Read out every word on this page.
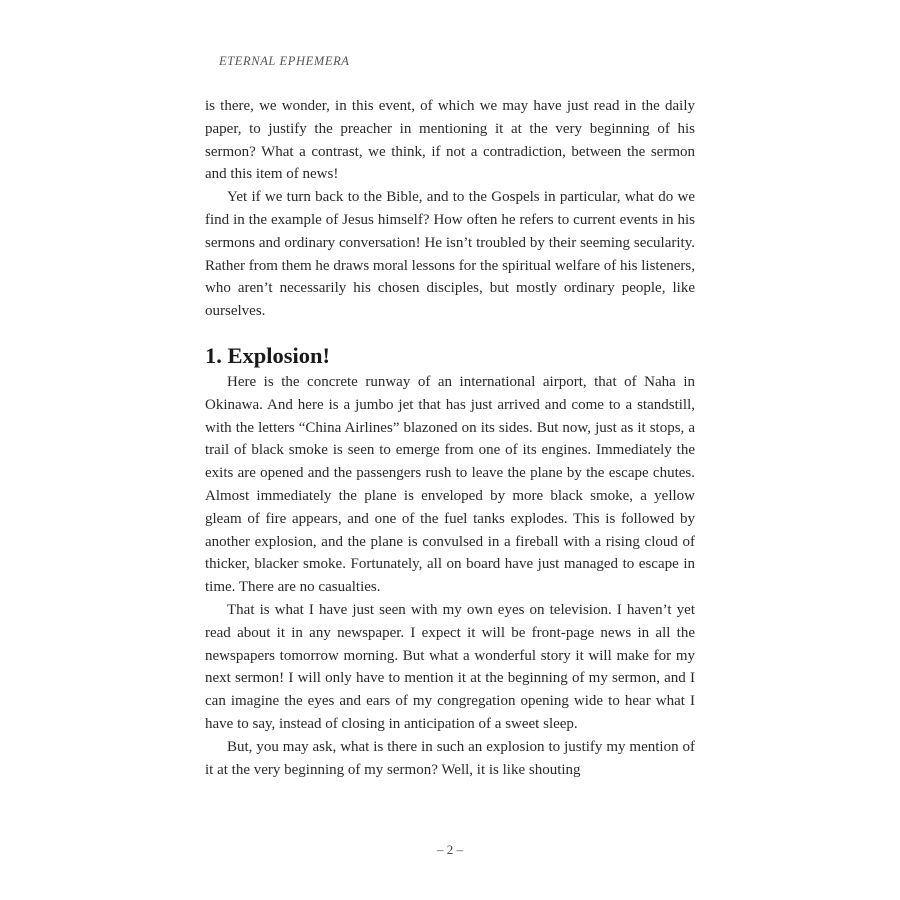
ETERNAL EPHEMERA

is there, we wonder, in this event, of which we may have just read in the daily paper, to justify the preacher in mentioning it at the very beginning of his sermon? What a contrast, we think, if not a contradiction, between the sermon and this item of news!

Yet if we turn back to the Bible, and to the Gospels in particular, what do we find in the example of Jesus himself? How often he refers to current events in his sermons and ordinary conversation! He isn’t troubled by their seeming secularity. Rather from them he draws moral lessons for the spiritual welfare of his listeners, who aren’t necessarily his chosen disciples, but mostly ordinary people, like ourselves.

1. Explosion!

Here is the concrete runway of an international airport, that of Naha in Okinawa. And here is a jumbo jet that has just arrived and come to a standstill, with the letters “China Airlines” blazoned on its sides. But now, just as it stops, a trail of black smoke is seen to emerge from one of its engines. Immediately the exits are opened and the passengers rush to leave the plane by the escape chutes. Almost immediately the plane is enveloped by more black smoke, a yellow gleam of fire appears, and one of the fuel tanks explodes. This is followed by another explosion, and the plane is convulsed in a fireball with a rising cloud of thicker, blacker smoke. Fortunately, all on board have just managed to escape in time. There are no casualties.

That is what I have just seen with my own eyes on television. I haven’t yet read about it in any newspaper. I expect it will be front-page news in all the newspapers tomorrow morning. But what a wonderful story it will make for my next sermon! I will only have to mention it at the beginning of my sermon, and I can imagine the eyes and ears of my congregation opening wide to hear what I have to say, instead of closing in anticipation of a sweet sleep.

But, you may ask, what is there in such an explosion to justify my mention of it at the very beginning of my sermon? Well, it is like shouting

– 2 –
